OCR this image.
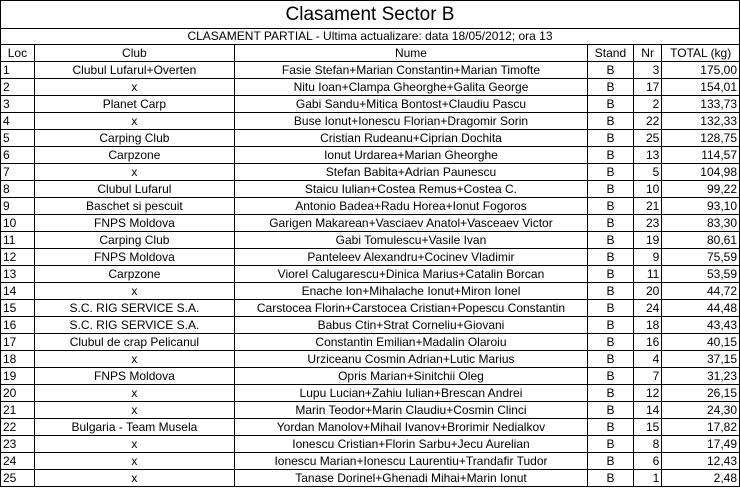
Clasament Sector B
CLASAMENT PARTIAL - Ultima actualizare: data 18/05/2012; ora 13
Loc	Club	Nume	Stand	Nr	TOTAL (kg)
1	Clubul Lufarul+Overten	Fasie Stefan+Marian Constantin+Marian Timofte	B	3	175,00
2	x	Nitu Ioan+Clampa Gheorghe+Galita George	B	17	154,01
3	Planet Carp	Gabi Sandu+Mitica Bontost+Claudiu Pascu	B	2	133,73
4	x	Buse Ionut+Ionescu Florian+Dragomir Sorin	B	22	132,33
5	Carping Club	Cristian Rudeanu+Ciprian Dochita	B	25	128,75
6	Carpzone	Ionut Urdarea+Marian Gheorghe	B	13	114,57
7	x	Stefan Babita+Adrian Paunescu	B	5	104,98
8	Clubul Lufarul	Staicu Iulian+Costea Remus+Costea C.	B	10	99,22
9	Baschet si pescuit	Antonio Badea+Radu Horea+Ionut Fogoros	B	21	93,10
10	FNPS Moldova	Garigen Makarean+Vasciaev Anatol+Vasceaev Victor	B	23	83,30
11	Carping Club	Gabi Tomulescu+Vasile Ivan	B	19	80,61
12	FNPS Moldova	Panteleev Alexandru+Cocinev Vladimir	B	9	75,59
13	Carpzone	Viorel Calugarescu+Dinica Marius+Catalin Borcan	B	11	53,59
14	x	Enache Ion+Mihalache Ionut+Miron Ionel	B	20	44,72
15	S.C. RIG SERVICE S.A.	Carstocea Florin+Carstocea Cristian+Popescu Constantin	B	24	44,48
16	S.C. RIG SERVICE S.A.	Babus Ctin+Strat Corneliu+Giovani	B	18	43,43
17	Clubul de crap Pelicanul	Constantin Emilian+Madalin Olaroiu	B	16	40,15
18	x	Urziceanu Cosmin Adrian+Lutic Marius	B	4	37,15
19	FNPS Moldova	Opris Marian+Sinitchii Oleg	B	7	31,23
20	x	Lupu Lucian+Zahiu Iulian+Brescan Andrei	B	12	26,15
21	x	Marin Teodor+Marin Claudiu+Cosmin Clinci	B	14	24,30
22	Bulgaria - Team Musela	Yordan Manolov+Mihail Ivanov+Brorimir Nedialkov	B	15	17,82
23	x	Ionescu Cristian+Florin Sarbu+Jecu Aurelian	B	8	17,49
24	x	Ionescu Marian+Ionescu Laurentiu+Trandafir Tudor	B	6	12,43
25	x	Tanase Dorinel+Ghenadi Mihai+Marin Ionut	B	1	2,48
